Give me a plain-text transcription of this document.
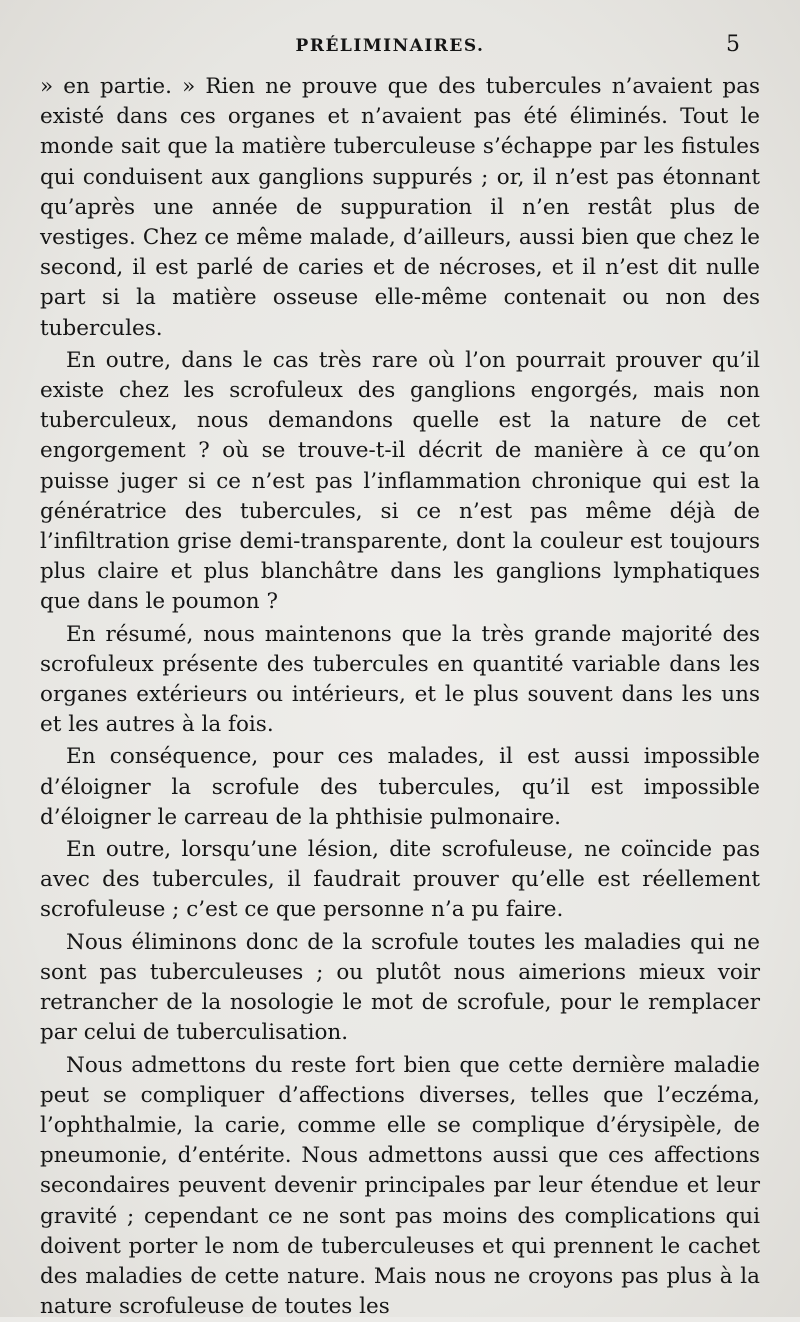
PRÉLIMINAIRES.	5

» en partie. » Rien ne prouve que des tubercules n’avaient pas existé dans ces organes et n’avaient pas été éliminés. Tout le monde sait que la matière tuberculeuse s’échappe par les fistules qui conduisent aux ganglions suppurés ; or, il n’est pas étonnant qu’après une année de suppuration il n’en restât plus de vestiges. Chez ce même malade, d’ailleurs, aussi bien que chez le second, il est parlé de caries et de nécroses, et il n’est dit nulle part si la matière osseuse elle-même contenait ou non des tubercules.

En outre, dans le cas très rare où l’on pourrait prouver qu’il existe chez les scrofuleux des ganglions engorgés, mais non tuberculeux, nous demandons quelle est la nature de cet engorgement ? où se trouve-t-il décrit de manière à ce qu’on puisse juger si ce n’est pas l’inflammation chronique qui est la génératrice des tubercules, si ce n’est pas même déjà de l’infiltration grise demi-transparente, dont la couleur est toujours plus claire et plus blanchâtre dans les ganglions lymphatiques que dans le poumon ?

En résumé, nous maintenons que la très grande majorité des scrofuleux présente des tubercules en quantité variable dans les organes extérieurs ou intérieurs, et le plus souvent dans les uns et les autres à la fois.

En conséquence, pour ces malades, il est aussi impossible d’éloigner la scrofule des tubercules, qu’il est impossible d’éloigner le carreau de la phthisie pulmonaire.

En outre, lorsqu’une lésion, dite scrofuleuse, ne coïncide pas avec des tubercules, il faudrait prouver qu’elle est réellement scrofuleuse ; c’est ce que personne n’a pu faire.

Nous éliminons donc de la scrofule toutes les maladies qui ne sont pas tuberculeuses ; ou plutôt nous aimerions mieux voir retrancher de la nosologie le mot de scrofule, pour le remplacer par celui de tuberculisation.

Nous admettons du reste fort bien que cette dernière maladie peut se compliquer d’affections diverses, telles que l’eczéma, l’ophthalmie, la carie, comme elle se complique d’érysipèle, de pneumonie, d’entérite. Nous admettons aussi que ces affections secondaires peuvent devenir principales par leur étendue et leur gravité ; cependant ce ne sont pas moins des complications qui doivent porter le nom de tuberculeuses et qui prennent le cachet des maladies de cette nature. Mais nous ne croyons pas plus à la nature scrofuleuse de toutes les
